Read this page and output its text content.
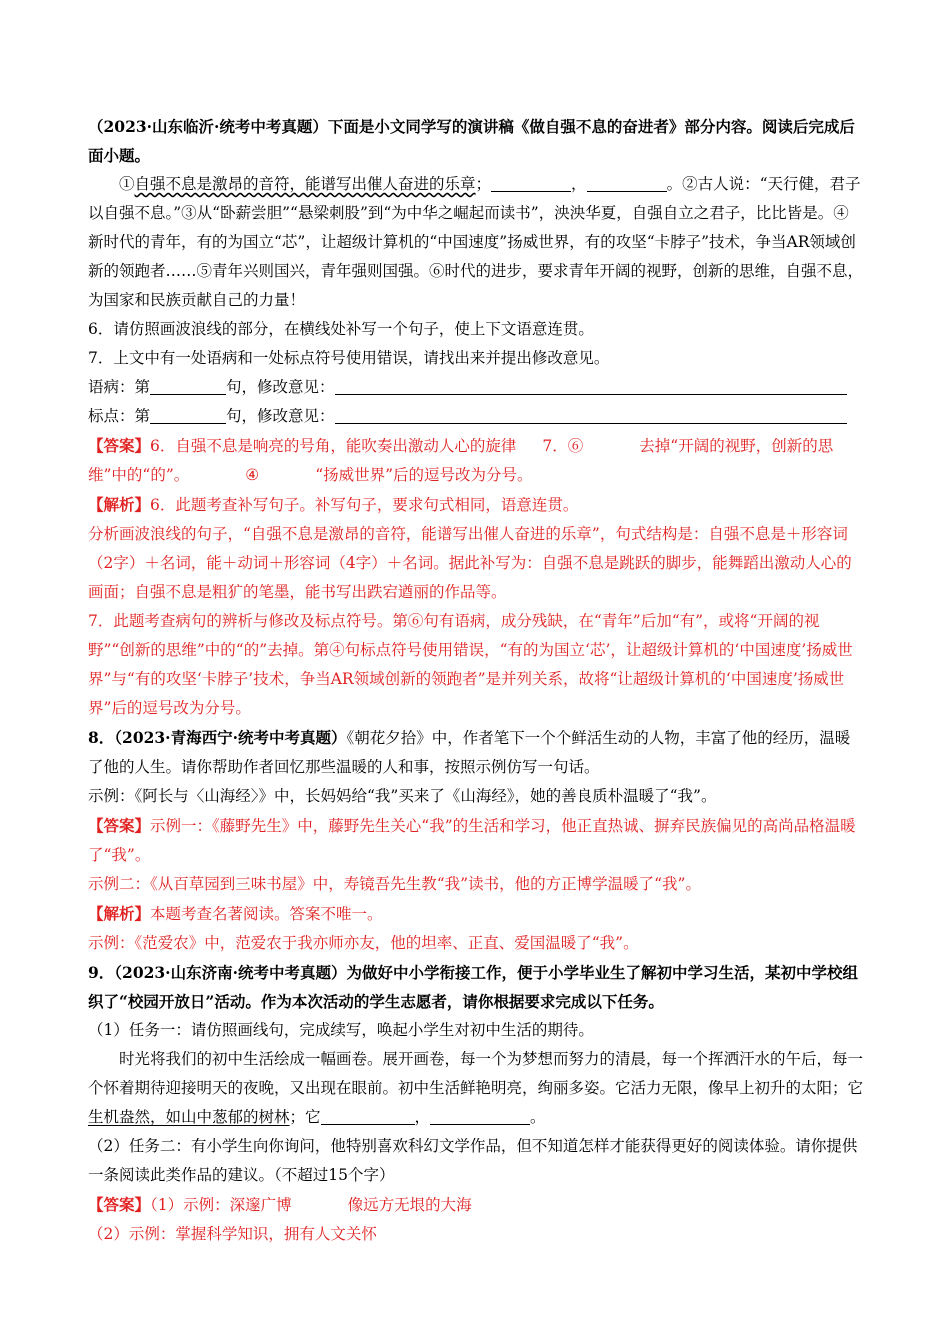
（2023·山东临沂·统考中考真题）下面是小文同学写的演讲稿《做自强不息的奋进者》部分内容。阅读后完成后面小题。

①自强不息是激昂的音符，能谱写出催人奋进的乐章；	，	。②古人说：“天行健，君子以自强不息。”③从“卧薪尝胆”“悬梁刺股”到“为中华之崛起而读书”，泱泱华夏，自强自立之君子，比比皆是。④新时代的青年，有的为国立“芯”，让超级计算机的“中国速度”扬威世界，有的攻坚“卡脖子”技术，争当AR领域创新的领跑者……⑤青年兴则国兴，青年强则国强。⑥时代的进步，要求青年开阔的视野，创新的思维，自强不息，为国家和民族贡献自己的力量！

6．请仿照画波浪线的部分，在横线处补写一个句子，使上下文语意连贯。

7．上文中有一处语病和一处标点符号使用错误，请找出来并提出修改意见。

语病：第	句，修改意见：

标点：第	句，修改意见：

【答案】6．自强不息是响亮的号角，能吹奏出激动人心的旋律 7．⑥	去掉“开阔的视野，创新的思维”中的“的”。	④	“扬威世界”后的逗号改为分号。

【解析】6．此题考查补写句子。补写句子，要求句式相同，语意连贯。

分析画波浪线的句子，“自强不息是激昂的音符，能谱写出催人奋进的乐章”，句式结构是：自强不息是＋形容词（2字）＋名词，能＋动词＋形容词（4字）＋名词。据此补写为：自强不息是跳跃的脚步，能舞蹈出激动人心的画面；自强不息是粗犷的笔墨，能书写出跌宕遒丽的作品等。

7．此题考查病句的辨析与修改及标点符号。第⑥句有语病，成分残缺，在“青年”后加“有”，或将“开阔的视野”“创新的思维”中的“的”去掉。第④句标点符号使用错误，“有的为国立‘芯’，让超级计算机的‘中国速度’扬威世界”与“有的攻坚‘卡脖子’技术，争当AR领域创新的领跑者”是并列关系，故将“让超级计算机的‘中国速度’扬威世界”后的逗号改为分号。

8．（2023·青海西宁·统考中考真题）《朝花夕拾》中，作者笔下一个个鲜活生动的人物，丰富了他的经历，温暖了他的人生。请你帮助作者回忆那些温暖的人和事，按照示例仿写一句话。

示例：《阿长与〈山海经〉》中，长妈妈给“我”买来了《山海经》，她的善良质朴温暖了“我”。

【答案】示例一：《藤野先生》中，藤野先生关心“我”的生活和学习，他正直热诚、摒弃民族偏见的高尚品格温暖了“我”。

示例二：《从百草园到三味书屋》中，寿镜吾先生教“我”读书，他的方正博学温暖了“我”。

【解析】本题考查名著阅读。答案不唯一。

示例：《范爱农》中，范爱农于我亦师亦友，他的坦率、正直、爱国温暖了“我”。

9．（2023·山东济南·统考中考真题）为做好中小学衔接工作，便于小学毕业生了解初中学习生活，某初中学校组织了“校园开放日”活动。作为本次活动的学生志愿者，请你根据要求完成以下任务。

（1）任务一：请仿照画线句，完成续写，唤起小学生对初中生活的期待。

时光将我们的初中生活绘成一幅画卷。展开画卷，每一个为梦想而努力的清晨，每一个挥洒汗水的午后，每一个怀着期待迎接明天的夜晚，又出现在眼前。初中生活鲜艳明亮，绚丽多姿。它活力无限，像早上初升的太阳；它生机盎然，如山中葱郁的树林；它	，	。

（2）任务二：有小学生向你询问，他特别喜欢科幻文学作品，但不知道怎样才能获得更好的阅读体验。请你提供一条阅读此类作品的建议。（不超过15个字）

【答案】（1）示例：深邃广博	像远方无垠的大海

（2）示例：掌握科学知识，拥有人文关怀
